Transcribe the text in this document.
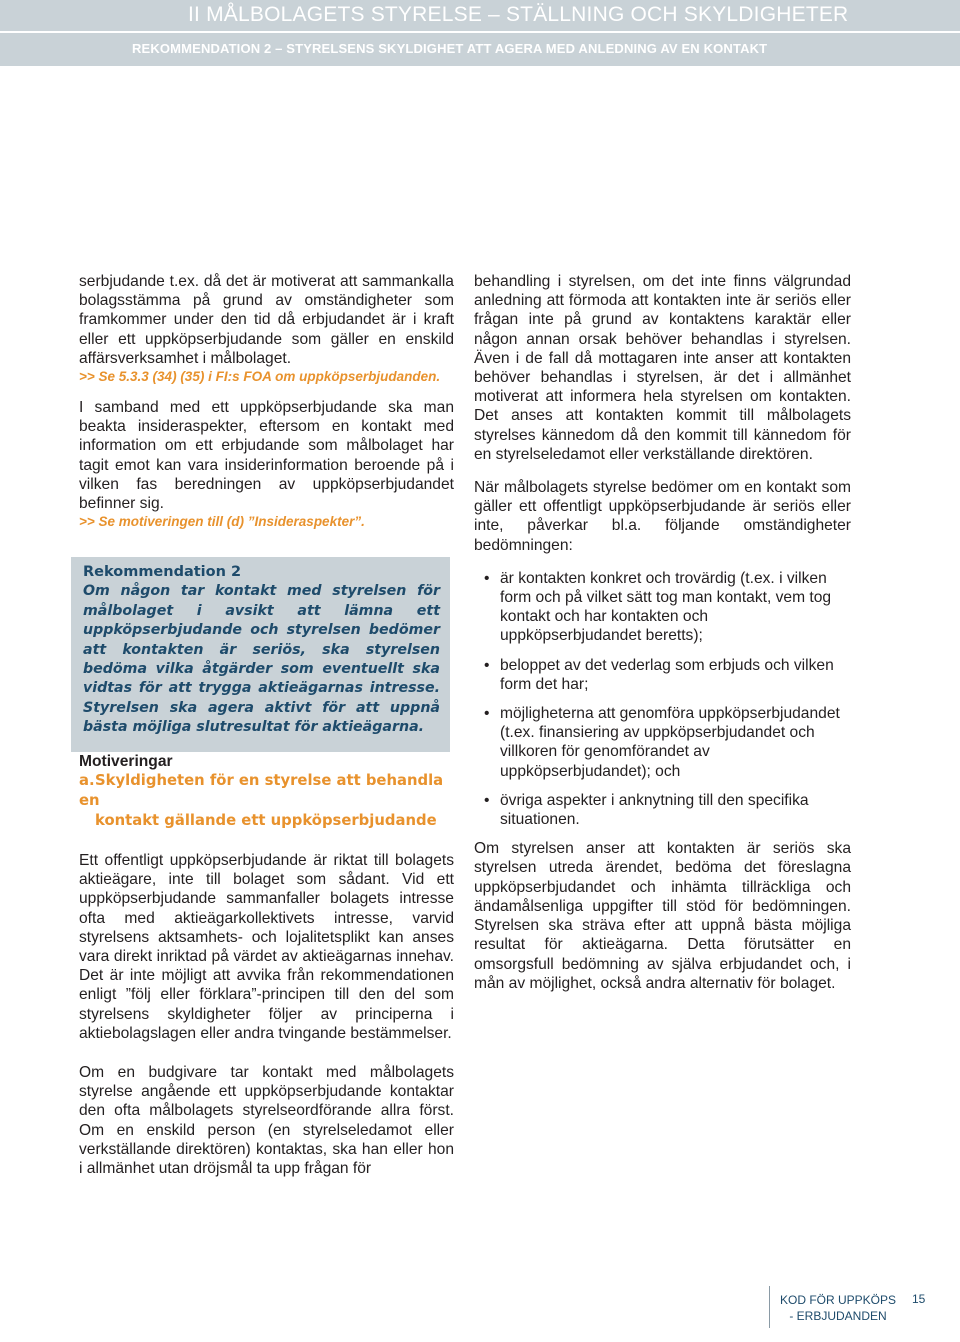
II MÅLBOLAGETS STYRELSE – STÄLLNING OCH SKYLDIGHETER
REKOMMENDATION 2 – STYRELSENS SKYLDIGHET ATT AGERA MED ANLEDNING AV EN KONTAKT

serbjudande t.ex. då det är motiverat att sammankalla bolagsstämma på grund av omständigheter som framkommer under den tid då erbjudandet är i kraft eller ett uppköpserbjudande som gäller en enskild affärsverksamhet i målbolaget.

>> Se 5.3.3 (34) (35) i FI:s FOA om uppköpserbjudanden.

I samband med ett uppköpserbjudande ska man beakta insideraspekter, eftersom en kontakt med information om ett erbjudande som målbolaget har tagit emot kan vara insiderinformation beroende på i vilken fas beredningen av uppköpserbjudandet befinner sig.

>> Se motiveringen till (d) ”Insideraspekter”.

Rekommendation 2

Om någon tar kontakt med styrelsen för målbolaget i avsikt att lämna ett uppköpserbjudande och styrelsen bedömer att kontakten är seriös, ska styrelsen bedöma vilka åtgärder som eventuellt ska vidtas för att trygga aktieägarnas intresse. Styrelsen ska agera aktivt för att uppnå bästa möjliga slutresultat för aktieägarna.

Motiveringar

a.Skyldigheten för en styrelse att behandla en
kontakt gällande ett uppköpserbjudande

Ett offentligt uppköpserbjudande är riktat till bolagets aktieägare, inte till bolaget som sådant. Vid ett uppköpserbjudande sammanfaller bolagets intresse ofta med aktieägarkollektivets intresse, varvid styrelsens aktsamhets- och lojalitetsplikt kan anses vara direkt inriktad på värdet av aktieägarnas innehav. Det är inte möjligt att avvika från rekommendationen enligt ”följ eller förklara”-principen till den del som styrelsens skyldigheter följer av principerna i aktiebolagslagen eller andra tvingande bestämmelser.

Om en budgivare tar kontakt med målbolagets styrelse angående ett uppköpserbjudande kontaktar den ofta målbolagets styrelseordförande allra först. Om en enskild person (en styrelseledamot eller verkställande direktören) kontaktas, ska han eller hon i allmänhet utan dröjsmål ta upp frågan för

behandling i styrelsen, om det inte finns välgrundad anledning att förmoda att kontakten inte är seriös eller frågan inte på grund av kontaktens karaktär eller någon annan orsak behöver behandlas i styrelsen. Även i de fall då mottagaren inte anser att kontakten behöver behandlas i styrelsen, är det i allmänhet motiverat att informera hela styrelsen om kontakten. Det anses att kontakten kommit till målbolagets styrelses kännedom då den kommit till kännedom för en styrelseledamot eller verkställande direktören.

När målbolagets styrelse bedömer om en kontakt som gäller ett offentligt uppköpserbjudande är seriös eller inte, påverkar bl.a. följande omständigheter bedömningen:

• är kontakten konkret och trovärdig (t.ex. i vilken form och på vilket sätt tog man kontakt, vem tog kontakt och har kontakten och uppköpserbjudandet beretts);
• beloppet av det vederlag som erbjuds och vilken form det har;
• möjligheterna att genomföra uppköpserbjudandet (t.ex. finansiering av uppköpserbjudandet och villkoren för genomförandet av uppköpserbjudandet); och
• övriga aspekter i anknytning till den specifika situationen.

Om styrelsen anser att kontakten är seriös ska styrelsen utreda ärendet, bedöma det föreslagna uppköpserbjudandet och inhämta tillräckliga och ändamålsenliga uppgifter till stöd för bedömningen. Styrelsen ska sträva efter att uppnå bästa möjliga resultat för aktieägarna. Detta förutsätter en omsorgsfull bedömning av själva erbjudandet och, i mån av möjlighet, också andra alternativ för bolaget.

KOD FÖR UPPKÖPS
- ERBJUDANDEN
15
